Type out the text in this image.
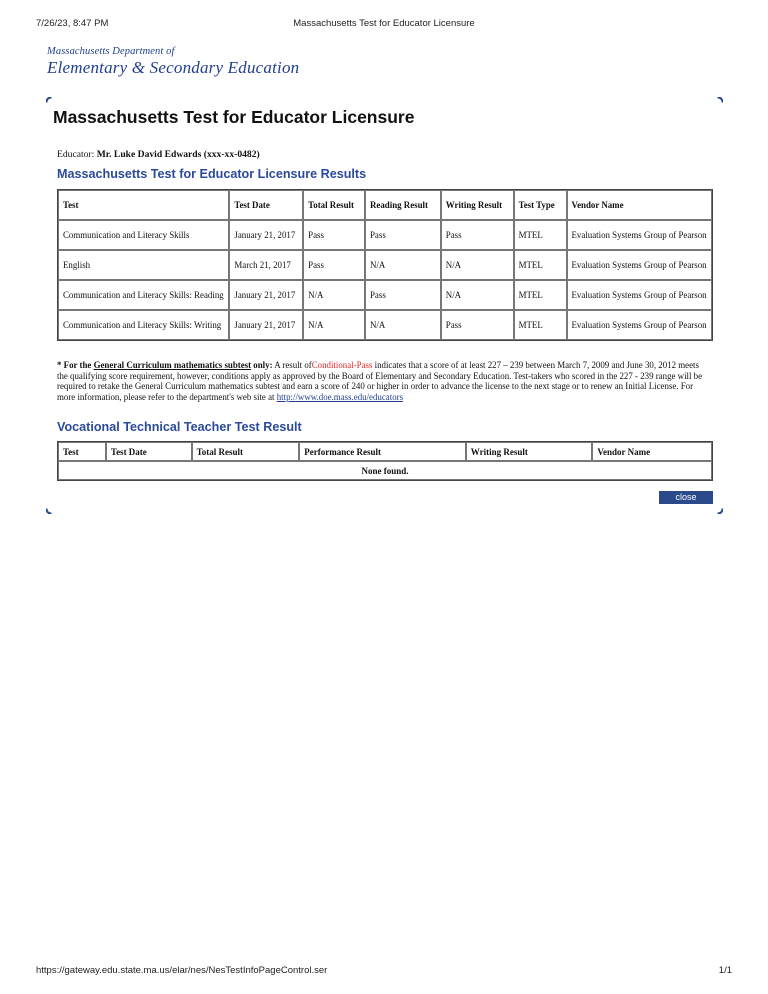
7/26/23, 8:47 PM	Massachusetts Test for Educator Licensure
Massachusetts Department of
Elementary & Secondary Education
Massachusetts Test for Educator Licensure
Educator: Mr. Luke David Edwards (xxx-xx-0482)
Massachusetts Test for Educator Licensure Results
Test	Test Date	Total Result	Reading Result	Writing Result	Test Type	Vendor Name
Communication and Literacy Skills	January 21, 2017	Pass	Pass	Pass	MTEL	Evaluation Systems Group of Pearson
English	March 21, 2017	Pass	N/A	N/A	MTEL	Evaluation Systems Group of Pearson
Communication and Literacy Skills: Reading	January 21, 2017	N/A	Pass	N/A	MTEL	Evaluation Systems Group of Pearson
Communication and Literacy Skills: Writing	January 21, 2017	N/A	N/A	Pass	MTEL	Evaluation Systems Group of Pearson
* For the General Curriculum mathematics subtest only: A result ofConditional-Pass indicates that a score of at least 227 – 239 between March 7, 2009 and June 30, 2012 meets the qualifying score requirement, however, conditions apply as approved by the Board of Elementary and Secondary Education. Test-takers who scored in the 227 - 239 range will be required to retake the General Curriculum mathematics subtest and earn a score of 240 or higher in order to advance the license to the next stage or to renew an Initial License. For more information, please refer to the department's web site at http://www.doe.mass.edu/educators
Vocational Technical Teacher Test Result
Test	Test Date	Total Result	Performance Result	Writing Result	Vendor Name
None found.
close
https://gateway.edu.state.ma.us/elar/nes/NesTestInfoPageControl.ser	1/1
